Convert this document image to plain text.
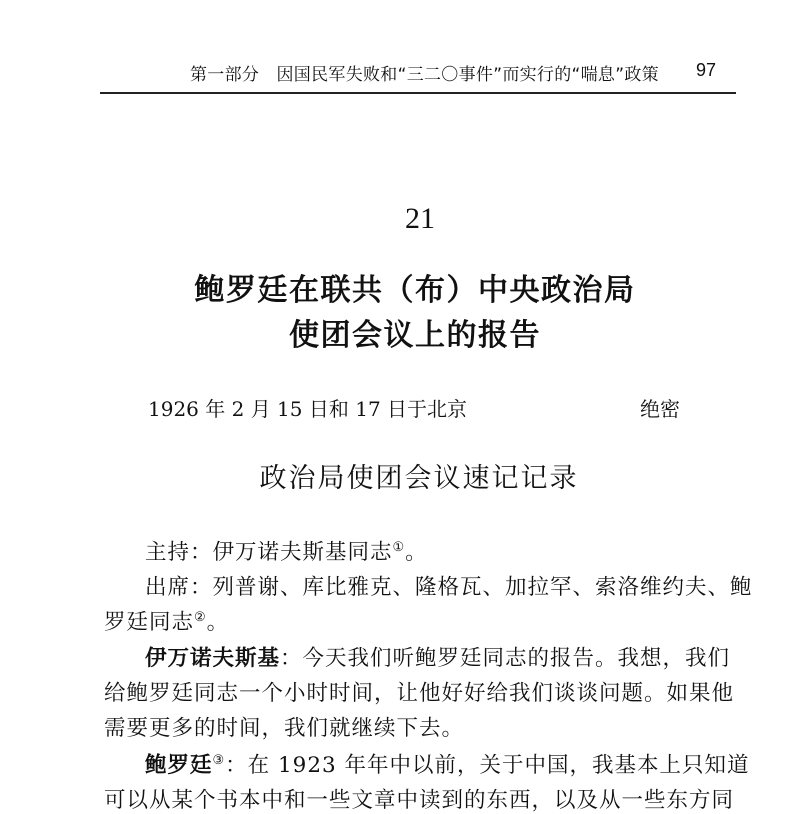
第一部分　因国民军失败和“三二〇事件”而实行的“喘息”政策 97
21
鲍罗廷在联共（布）中央政治局
使团会议上的报告
1926 年 2 月 15 日和 17 日于北京	绝密
政治局使团会议速记记录
主持：伊万诺夫斯基同志①。
出席：列普谢、库比雅克、隆格瓦、加拉罕、索洛维约夫、鲍
罗廷同志②。
伊万诺夫斯基：今天我们听鲍罗廷同志的报告。我想，我们
给鲍罗廷同志一个小时时间，让他好好给我们谈谈问题。如果他
需要更多的时间，我们就继续下去。
鲍罗廷③：在 1923 年年中以前，关于中国，我基本上只知道
可以从某个书本中和一些文章中读到的东西，以及从一些东方同
